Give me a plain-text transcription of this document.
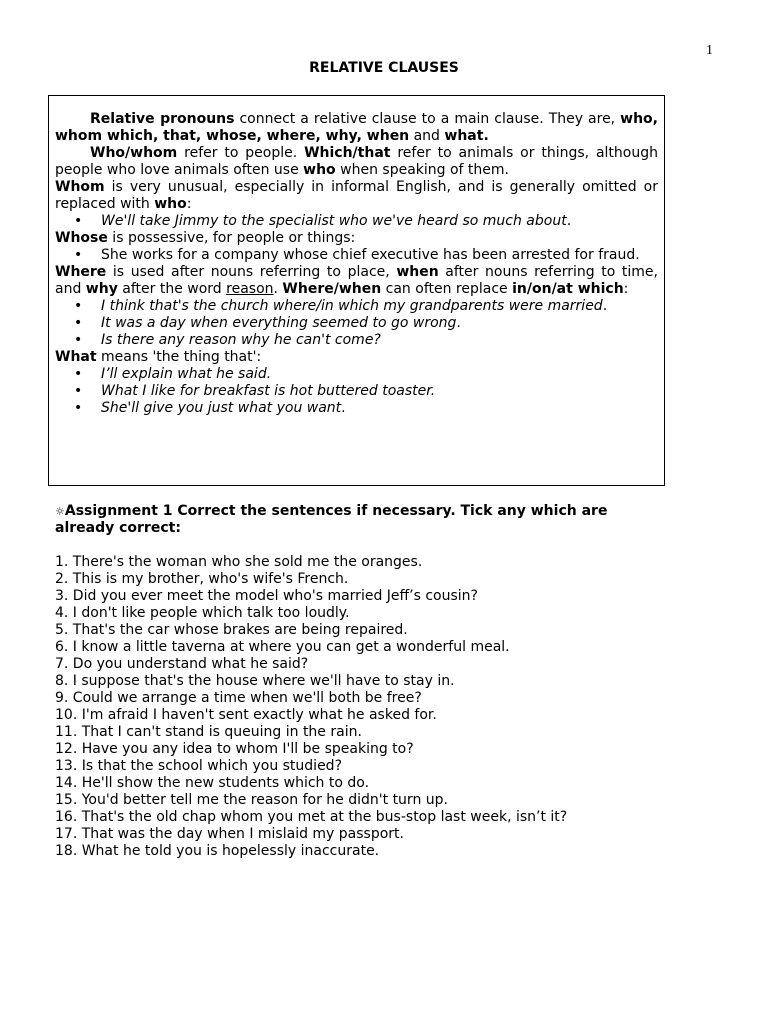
1
RELATIVE CLAUSES

Relative pronouns connect a relative clause to a main clause. They are, who, whom which, that, whose, where, why, when and what.

Who/whom refer to people. Which/that refer to animals or things, although people who love animals often use who when speaking of them.

Whom is very unusual, especially in informal English, and is generally omitted or replaced with who:

• We'll take Jimmy to the specialist who we've heard so much about.

Whose is possessive, for people or things:

• She works for a company whose chief executive has been arrested for fraud.

Where is used after nouns referring to place, when after nouns referring to time, and why after the word reason. Where/when can often replace in/on/at which:

• I think that's the church where/in which my grandparents were married.
• It was a day when everything seemed to go wrong.
• Is there any reason why he can't come?

What means 'the thing that':

• I’ll explain what he said.
• What I like for breakfast is hot buttered toaster.
• She'll give you just what you want.
☼Assignment 1 Correct the sentences if necessary. Tick any which are already correct:
1. There's the woman who she sold me the oranges.
2. This is my brother, who's wife's French.
3. Did you ever meet the model who's married Jeff’s cousin?
4. I don't like people which talk too loudly.
5. That's the car whose brakes are being repaired.
6. I know a little taverna at where you can get a wonderful meal.
7. Do you understand what he said?
8. I suppose that's the house where we'll have to stay in.
9. Could we arrange a time when we'll both be free?
10. I'm afraid I haven't sent exactly what he asked for.
11. That I can't stand is queuing in the rain.
12. Have you any idea to whom I'll be speaking to?
13. Is that the school which you studied?
14. He'll show the new students which to do.
15. You'd better tell me the reason for he didn't turn up.
16. That's the old chap whom you met at the bus-stop last week, isn’t it?
17. That was the day when I mislaid my passport.
18. What he told you is hopelessly inaccurate.
